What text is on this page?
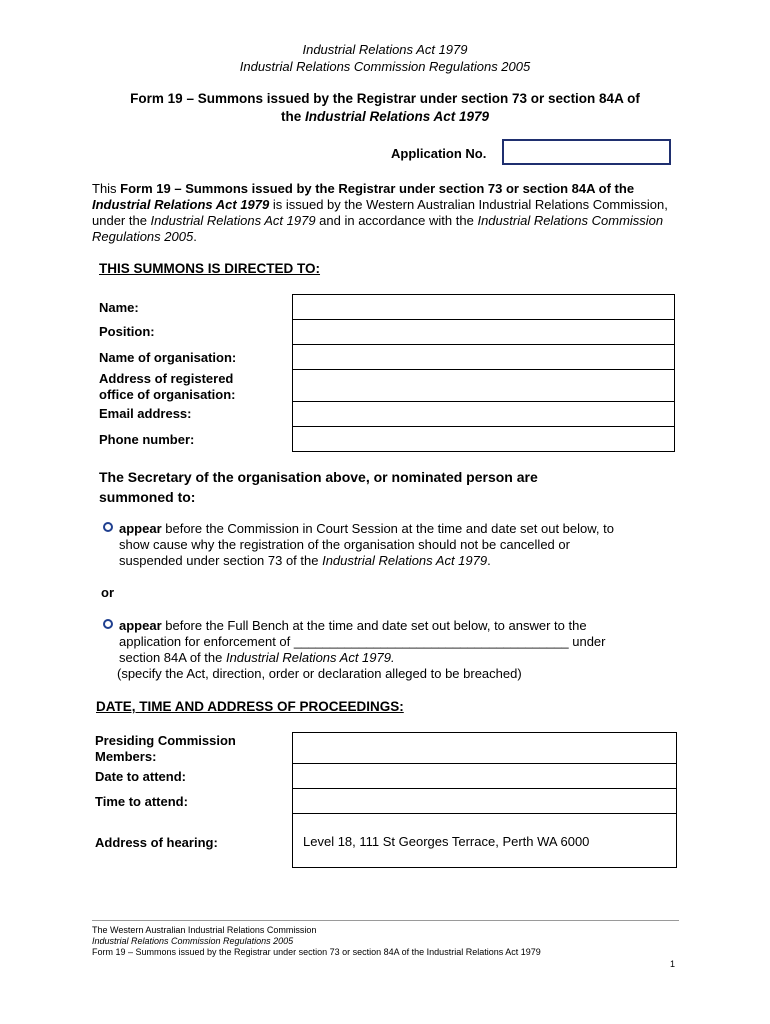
Industrial Relations Act 1979
Industrial Relations Commission Regulations 2005
Form 19 – Summons issued by the Registrar under section 73 or section 84A of
the Industrial Relations Act 1979
Application No.
This Form 19 – Summons issued by the Registrar under section 73 or section 84A of the Industrial Relations Act 1979 is issued by the Western Australian Industrial Relations Commission, under the Industrial Relations Act 1979 and in accordance with the Industrial Relations Commission Regulations 2005.
THIS SUMMONS IS DIRECTED TO:
Name:
Position:
Name of organisation:
Address of registered
office of organisation:
Email address:
Phone number:
The Secretary of the organisation above, or nominated person are
summoned to:
appear before the Commission in Court Session at the time and date set out below, to
show cause why the registration of the organisation should not be cancelled or
suspended under section 73 of the Industrial Relations Act 1979.
or
appear before the Full Bench at the time and date set out below, to answer to the
application for enforcement of ______________________________________ under
section 84A of the Industrial Relations Act 1979.
(specify the Act, direction, order or declaration alleged to be breached)
DATE, TIME AND ADDRESS OF PROCEEDINGS:
Presiding Commission
Members:
Date to attend:
Time to attend:
Address of hearing:	Level 18, 111 St Georges Terrace, Perth WA 6000
The Western Australian Industrial Relations Commission
Industrial Relations Commission Regulations 2005
Form 19 – Summons issued by the Registrar under section 73 or section 84A of the Industrial Relations Act 1979
1
